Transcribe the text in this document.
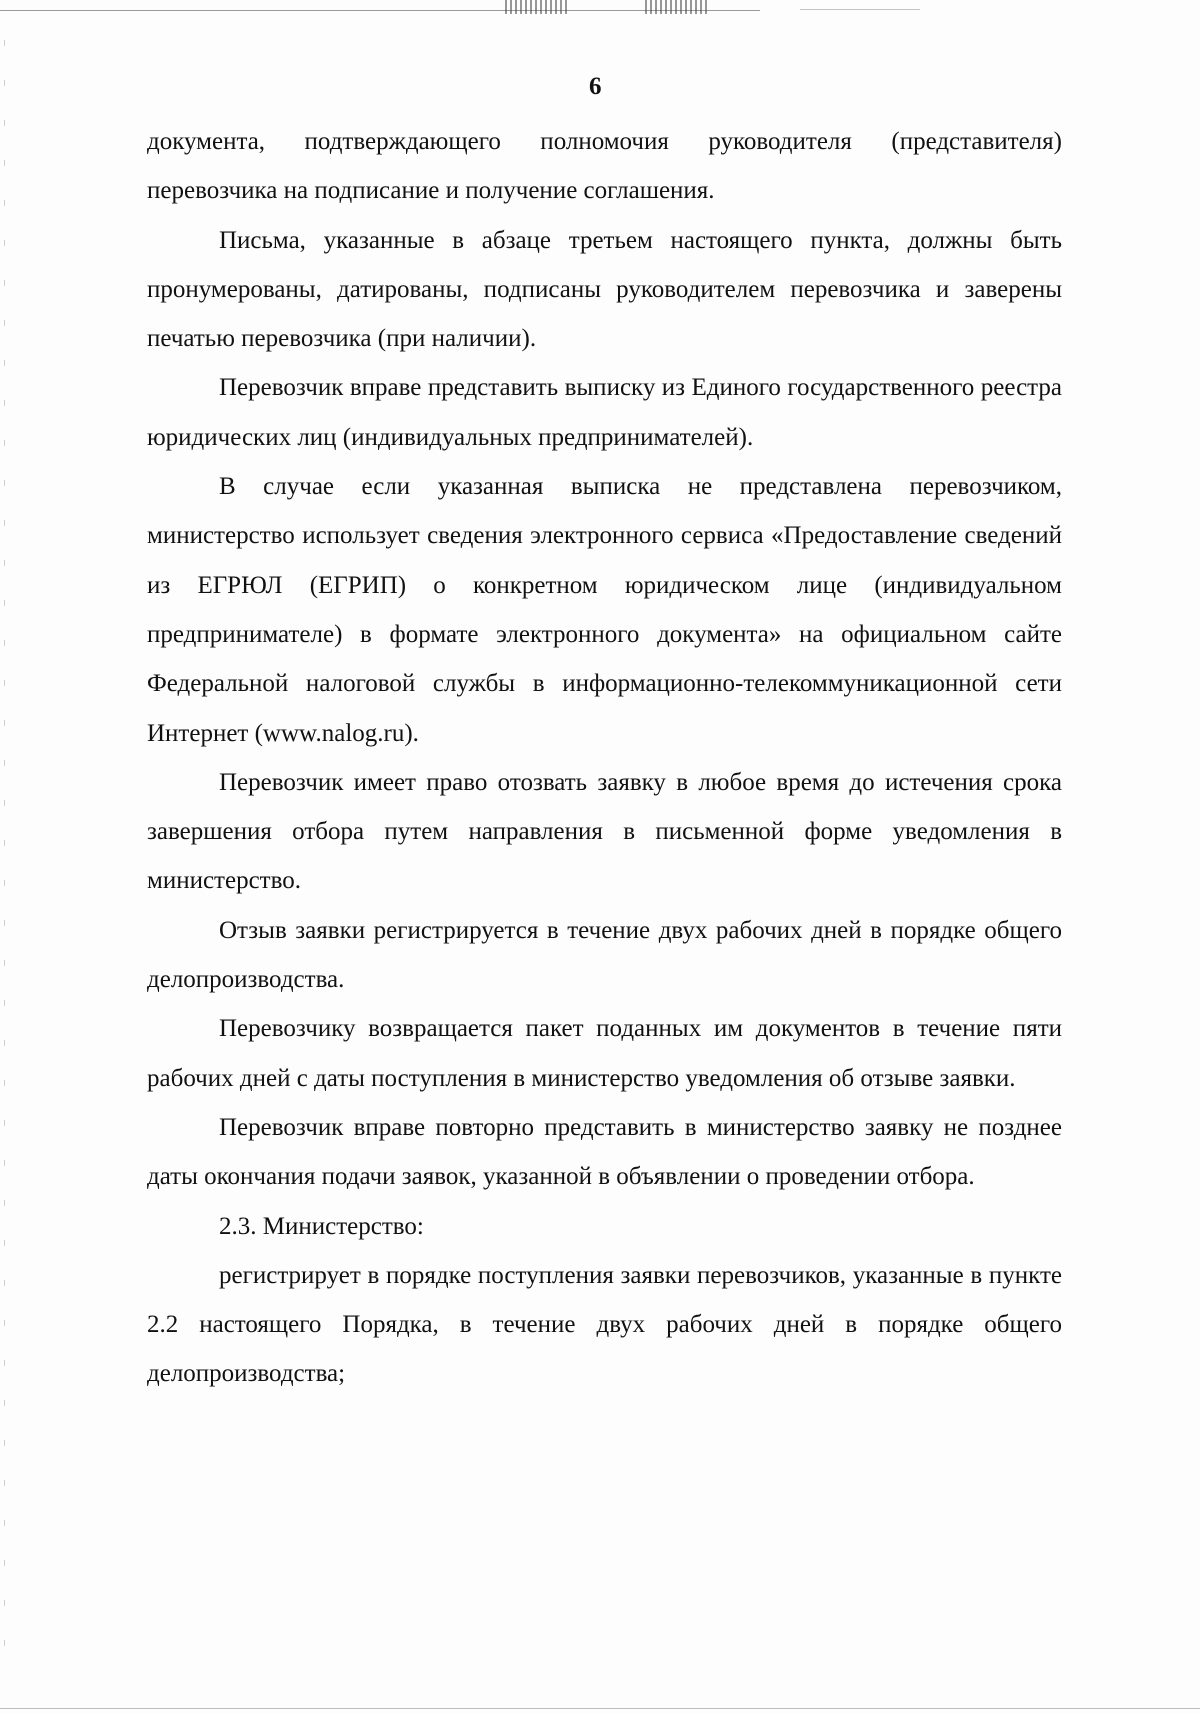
6

документа, подтверждающего полномочия руководителя (представителя) перевозчика на подписание и получение соглашения.

Письма, указанные в абзаце третьем настоящего пункта, должны быть пронумерованы, датированы, подписаны руководителем перевозчика и заверены печатью перевозчика (при наличии).

Перевозчик вправе представить выписку из Единого государственного реестра юридических лиц (индивидуальных предпринимателей).

В случае если указанная выписка не представлена перевозчиком, министерство использует сведения электронного сервиса «Предоставление сведений из ЕГРЮЛ (ЕГРИП) о конкретном юридическом лице (индивидуальном предпринимателе) в формате электронного документа» на официальном сайте Федеральной налоговой службы в информационно-телекоммуникационной сети Интернет (www.nalog.ru).

Перевозчик имеет право отозвать заявку в любое время до истечения срока завершения отбора путем направления в письменной форме уведомления в министерство.

Отзыв заявки регистрируется в течение двух рабочих дней в порядке общего делопроизводства.

Перевозчику возвращается пакет поданных им документов в течение пяти рабочих дней с даты поступления в министерство уведомления об отзыве заявки.

Перевозчик вправе повторно представить в министерство заявку не позднее даты окончания подачи заявок, указанной в объявлении о проведении отбора.

2.3. Министерство:

регистрирует в порядке поступления заявки перевозчиков, указанные в пункте 2.2 настоящего Порядка, в течение двух рабочих дней в порядке общего делопроизводства;
